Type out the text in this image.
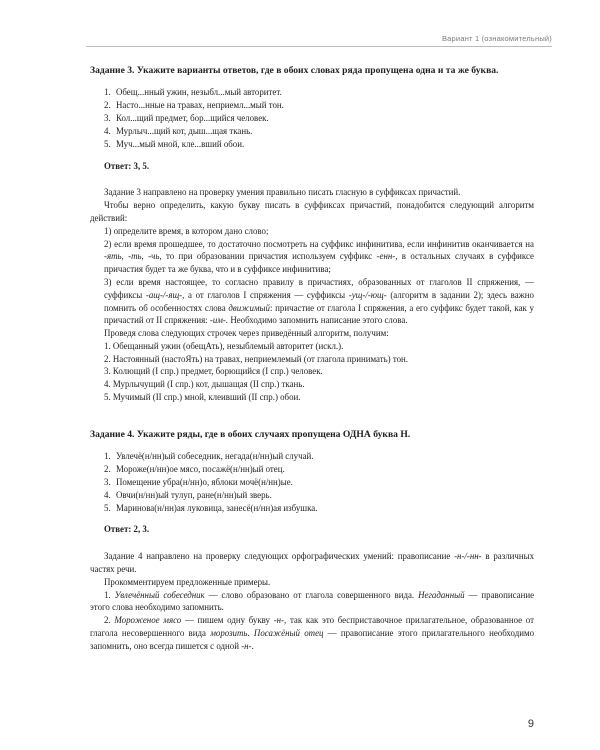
Вариант 1 (ознакомительный)
Задание 3. Укажите варианты ответов, где в обоих словах ряда пропущена одна и та же буква.
1. Обещ...нный ужин, незыбл...мый авторитет.
2. Насто...нные на травах, неприемл...мый тон.
3. Кол...щий предмет, бор...щийся человек.
4. Мурлыч...щий кот, дыш...щая ткань.
5. Муч...мый мной, кле...вший обои.
Ответ: 3, 5.

Задание 3 направлено на проверку умения правильно писать гласную в суффиксах причастий.

Чтобы верно определить, какую букву писать в суффиксах причастий, понадобится следующий алгоритм действий:

1) определите время, в котором дано слово;
2) если время прошедшее, то достаточно посмотреть на суффикс инфинитива, если инфинитив оканчивается на -ять, -ть, -чь, то при образовании причастия используем суффикс -енн-, в остальных случаях в суффиксе причастия будет та же буква, что и в суффиксе инфинитива;
3) если время настоящее, то согласно правилу в причастиях, образованных от глаголов II спряжения, — суффиксы -ащ-/-ящ-, а от глаголов I спряжения — суффиксы -ущ-/-ющ- (алгоритм в задании 2); здесь важно помнить об особенностях слова движимый: причастие от глагола I спряжения, а его суффикс будет такой, как у причастий от II спряжения: -им-. Необходимо запомнить написание этого слова.

Проведя слова следующих строчек через приведённый алгоритм, получим:

1. Обещанный ужин (обещАть), незыблемый авторитет (искл.).
2. Настоянный (настоЯть) на травах, неприемлемый (от глагола принимать) тон.
3. Колющий (I спр.) предмет, борющийся (I спр.) человек.
4. Мурлычущий (I спр.) кот, дышащая (II спр.) ткань.
5. Мучимый (II спр.) мной, клеивший (II спр.) обои.
Задание 4. Укажите ряды, где в обоих случаях пропущена ОДНА буква Н.
1. Увлечё(н/нн)ый собеседник, негада(н/нн)ый случай.
2. Мороже(н/нн)ое мясо, посажё(н/нн)ый отец.
3. Помещение убра(н/нн)о, яблоки мочё(н/нн)ые.
4. Овчи(н/нн)ый тулуп, ране(н/нн)ый зверь.
5. Маринова(н/нн)ая луковица, занесё(н/нн)ая избушка.
Ответ: 2, 3.

Задание 4 направлено на проверку следующих орфографических умений: правописание -н-/-нн- в различных частях речи.

Прокомментируем предложенные примеры.

1. Увлечённый собеседник — слово образовано от глагола совершенного вида. Негаданный — правописание этого слова необходимо запомнить.

2. Мороженое мясо — пишем одну букву -н-, так как это бесприставочное прилагательное, образованное от глагола несовершенного вида морозить. Посажёный отец — правописание этого прилагательного необходимо запомнить, оно всегда пишется с одной -н-.

9
